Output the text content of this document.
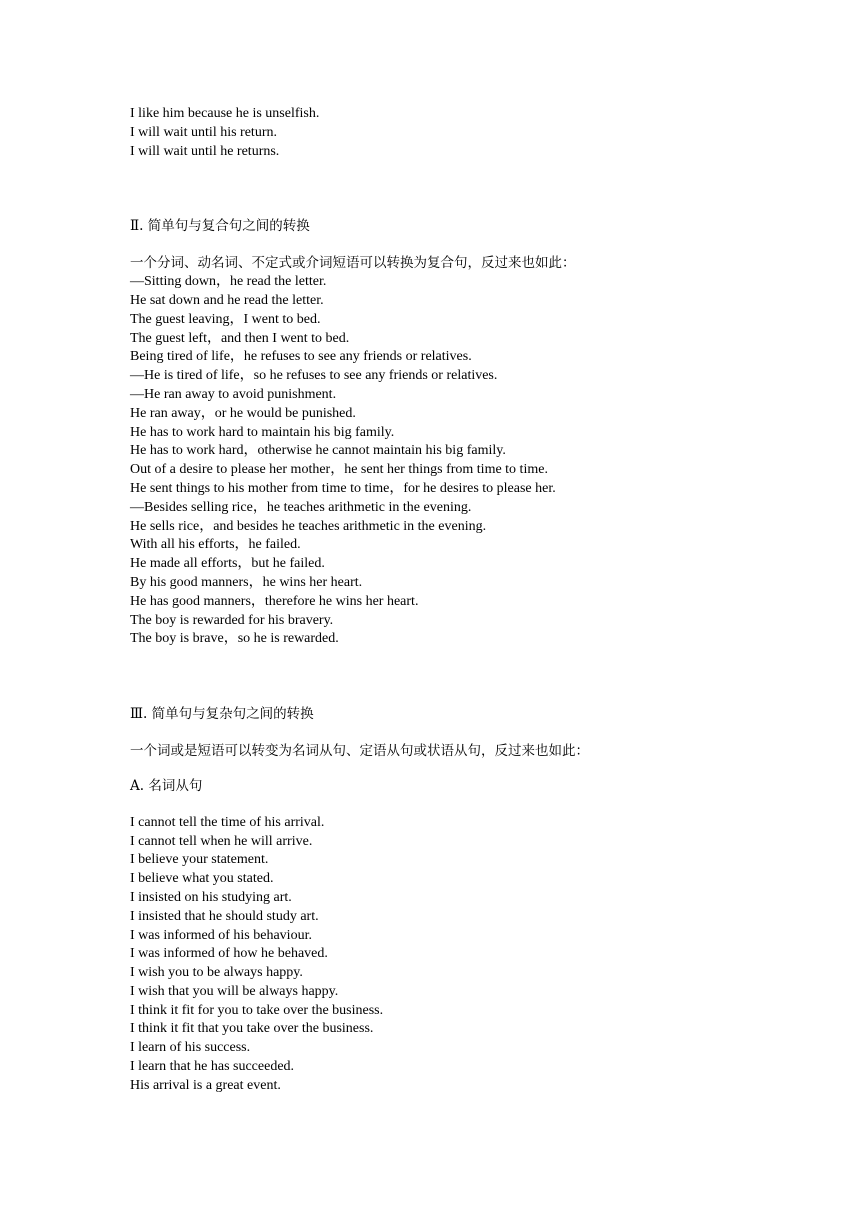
I like him because he is unselfish.
I will wait until his return.
I will wait until he returns.
Ⅱ. 简单句与复合句之间的转换
一个分词、动名词、不定式或介词短语可以转换为复合句，反过来也如此：
—Sitting down，he read the letter.
He sat down and he read the letter.
The guest leaving，I went to bed.
The guest left，and then I went to bed.
Being tired of life，he refuses to see any friends or relatives.
—He is tired of life，so he refuses to see any friends or relatives.
—He ran away to avoid punishment.
He ran away，or he would be punished.
He has to work hard to maintain his big family.
He has to work hard，otherwise he cannot maintain his big family.
Out of a desire to please her mother，he sent her things from time to time.
He sent things to his mother from time to time，for he desires to please her.
—Besides selling rice，he teaches arithmetic in the evening.
He sells rice，and besides he teaches arithmetic in the evening.
With all his efforts，he failed.
He made all efforts，but he failed.
By his good manners，he wins her heart.
He has good manners，therefore he wins her heart.
The boy is rewarded for his bravery.
The boy is brave，so he is rewarded.
Ⅲ. 简单句与复杂句之间的转换
一个词或是短语可以转变为名词从句、定语从句或状语从句，反过来也如此：
A. 名词从句
I cannot tell the time of his arrival.
I cannot tell when he will arrive.
I believe your statement.
I believe what you stated.
I insisted on his studying art.
I insisted that he should study art.
I was informed of his behaviour.
I was informed of how he behaved.
I wish you to be always happy.
I wish that you will be always happy.
I think it fit for you to take over the business.
I think it fit that you take over the business.
I learn of his success.
I learn that he has succeeded.
His arrival is a great event.
